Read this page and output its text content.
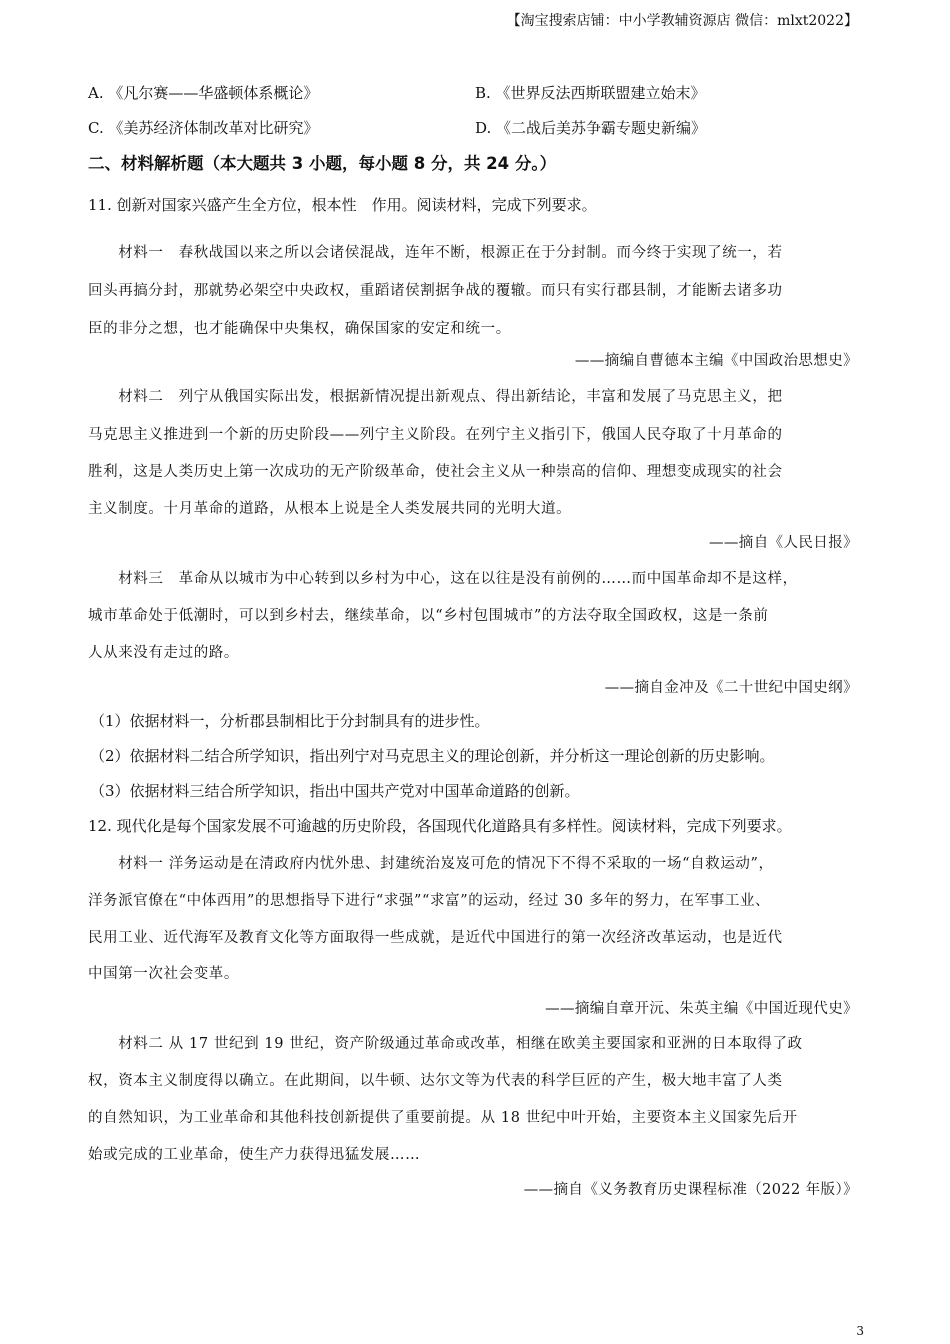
【淘宝搜索店铺：中小学教辅资源店 微信：mlxt2022】
A. 《凡尔赛——华盛顿体系概论》	B. 《世界反法西斯联盟建立始末》
C. 《美苏经济体制改革对比研究》	D. 《二战后美苏争霸专题史新编》
二、材料解析题（本大题共 3 小题，每小题 8 分，共 24 分。）
11. 创新对国家兴盛产生全方位，根本性　作用。阅读材料，完成下列要求。
　　材料一　春秋战国以来之所以会诸侯混战，连年不断，根源正在于分封制。而今终于实现了统一，若
回头再搞分封，那就势必架空中央政权，重蹈诸侯割据争战的覆辙。而只有实行郡县制，才能断去诸多功
臣的非分之想，也才能确保中央集权，确保国家的安定和统一。
——摘编自曹德本主编《中国政治思想史》
　　材料二　列宁从俄国实际出发，根据新情况提出新观点、得出新结论，丰富和发展了马克思主义，把
马克思主义推进到一个新的历史阶段——列宁主义阶段。在列宁主义指引下，俄国人民夺取了十月革命的
胜利，这是人类历史上第一次成功的无产阶级革命，使社会主义从一种崇高的信仰、理想变成现实的社会
主义制度。十月革命的道路，从根本上说是全人类发展共同的光明大道。
——摘自《人民日报》
　　材料三　革命从以城市为中心转到以乡村为中心，这在以往是没有前例的……而中国革命却不是这样，
城市革命处于低潮时，可以到乡村去，继续革命，以“乡村包围城市”的方法夺取全国政权，这是一条前
人从来没有走过的路。
——摘自金冲及《二十世纪中国史纲》
（1）依据材料一，分析郡县制相比于分封制具有的进步性。
（2）依据材料二结合所学知识，指出列宁对马克思主义的理论创新，并分析这一理论创新的历史影响。
（3）依据材料三结合所学知识，指出中国共产党对中国革命道路的创新。
12. 现代化是每个国家发展不可逾越的历史阶段，各国现代化道路具有多样性。阅读材料，完成下列要求。
　　材料一 洋务运动是在清政府内忧外患、封建统治岌岌可危的情况下不得不采取的一场“自救运动”，
洋务派官僚在“中体西用”的思想指导下进行“求强”“求富”的运动，经过 30 多年的努力，在军事工业、
民用工业、近代海军及教育文化等方面取得一些成就，是近代中国进行的第一次经济改革运动，也是近代
中国第一次社会变革。
——摘编自章开沅、朱英主编《中国近现代史》
　　材料二 从 17 世纪到 19 世纪，资产阶级通过革命或改革，相继在欧美主要国家和亚洲的日本取得了政
权，资本主义制度得以确立。在此期间，以牛顿、达尔文等为代表的科学巨匠的产生，极大地丰富了人类
的自然知识，为工业革命和其他科技创新提供了重要前提。从 18 世纪中叶开始，主要资本主义国家先后开
始或完成的工业革命，使生产力获得迅猛发展……
——摘自《义务教育历史课程标准（2022 年版）》
3
